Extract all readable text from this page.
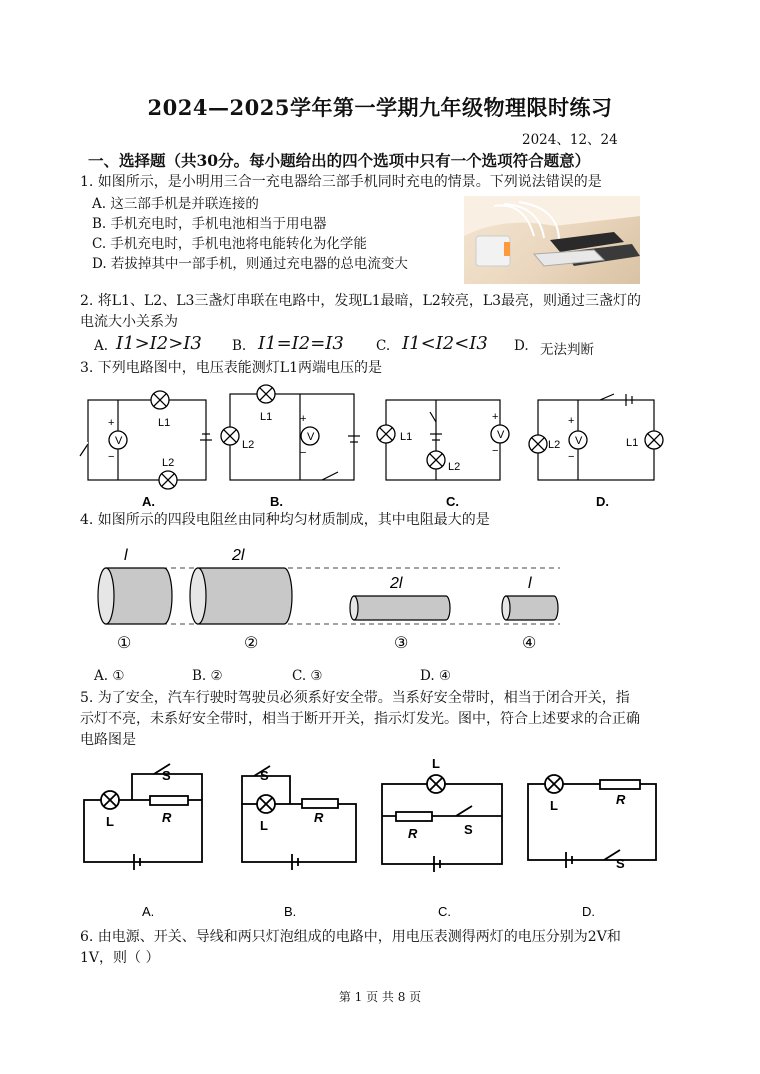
2024—2025学年第一学期九年级物理限时练习
2024、12、24
一、选择题（共30分。每小题给出的四个选项中只有一个选项符合题意）
1. 如图所示，是小明用三合一充电器给三部手机同时充电的情景。下列说法错误的是
A. 这三部手机是并联连接的
B. 手机充电时，手机电池相当于用电器
C. 手机充电时，手机电池将电能转化为化学能
D. 若拔掉其中一部手机，则通过充电器的总电流变大
2. 将L1、L2、L3三盏灯串联在电路中，发现L1最暗，L2较亮，L3最亮，则通过三盏灯的
电流大小关系为
A. I1>I2>I3 B. I1=I2=I3 C. I1<I2<I3 D. 无法判断
3. 下列电路图中，电压表能测灯L1两端电压的是
V	V	V	V
+
−
+
−
+
−
+
−
L1
L2
L1
L2
L1
L2
L2	L1
A.	B.	C.	D.
4. 如图所示的四段电阻丝由同种均匀材质制成，其中电阻最大的是
l	2l
2l	l
①	②	③	④
A. ①	B. ②	C. ③	D. ④
5. 为了安全，汽车行驶时驾驶员必须系好安全带。当系好安全带时，相当于闭合开关，指
示灯不亮，未系好安全带时，相当于断开开关，指示灯发光。图中，符合上述要求的合正确
电路图是
S
L	R
S
L
R
L
R	S
L	R
S
A.	B.	C.	D.
6. 由电源、开关、导线和两只灯泡组成的电路中，用电压表测得两灯的电压分别为2V和
1V，则（ ）
第 1 页 共 8 页
